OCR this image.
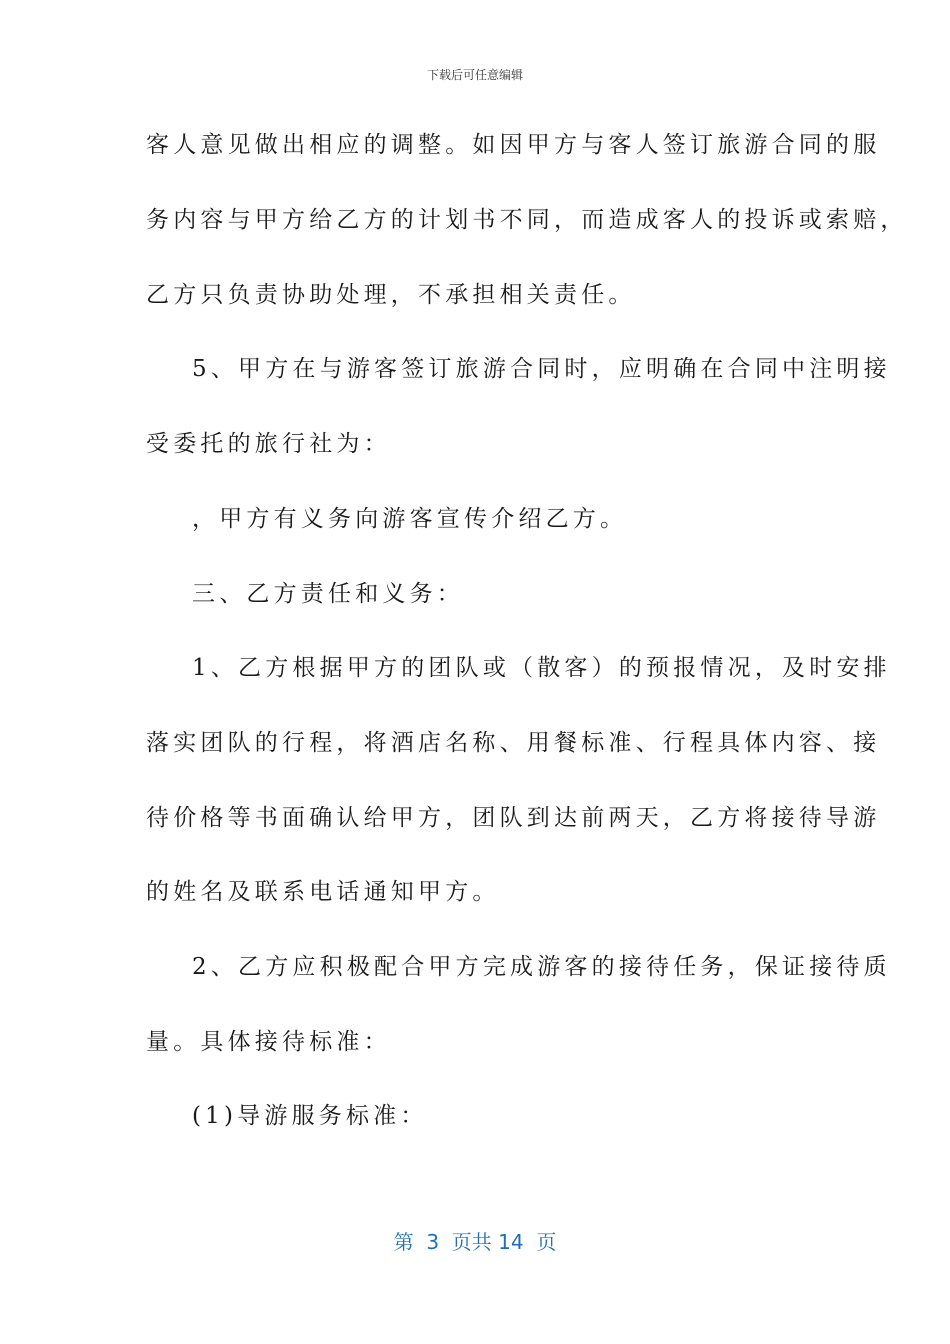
下载后可任意编辑
客人意见做出相应的调整。如因甲方与客人签订旅游合同的服
务内容与甲方给乙方的计划书不同，而造成客人的投诉或索赔，
乙方只负责协助处理，不承担相关责任。
5、甲方在与游客签订旅游合同时，应明确在合同中注明接
受委托的旅行社为：
，甲方有义务向游客宣传介绍乙方。
三、乙方责任和义务：
1、乙方根据甲方的团队或（散客）的预报情况，及时安排
落实团队的行程，将酒店名称、用餐标准、行程具体内容、接
待价格等书面确认给甲方，团队到达前两天，乙方将接待导游
的姓名及联系电话通知甲方。
2、乙方应积极配合甲方完成游客的接待任务，保证接待质
量。具体接待标准：
(1)导游服务标准：
第  3  页共 14  页
